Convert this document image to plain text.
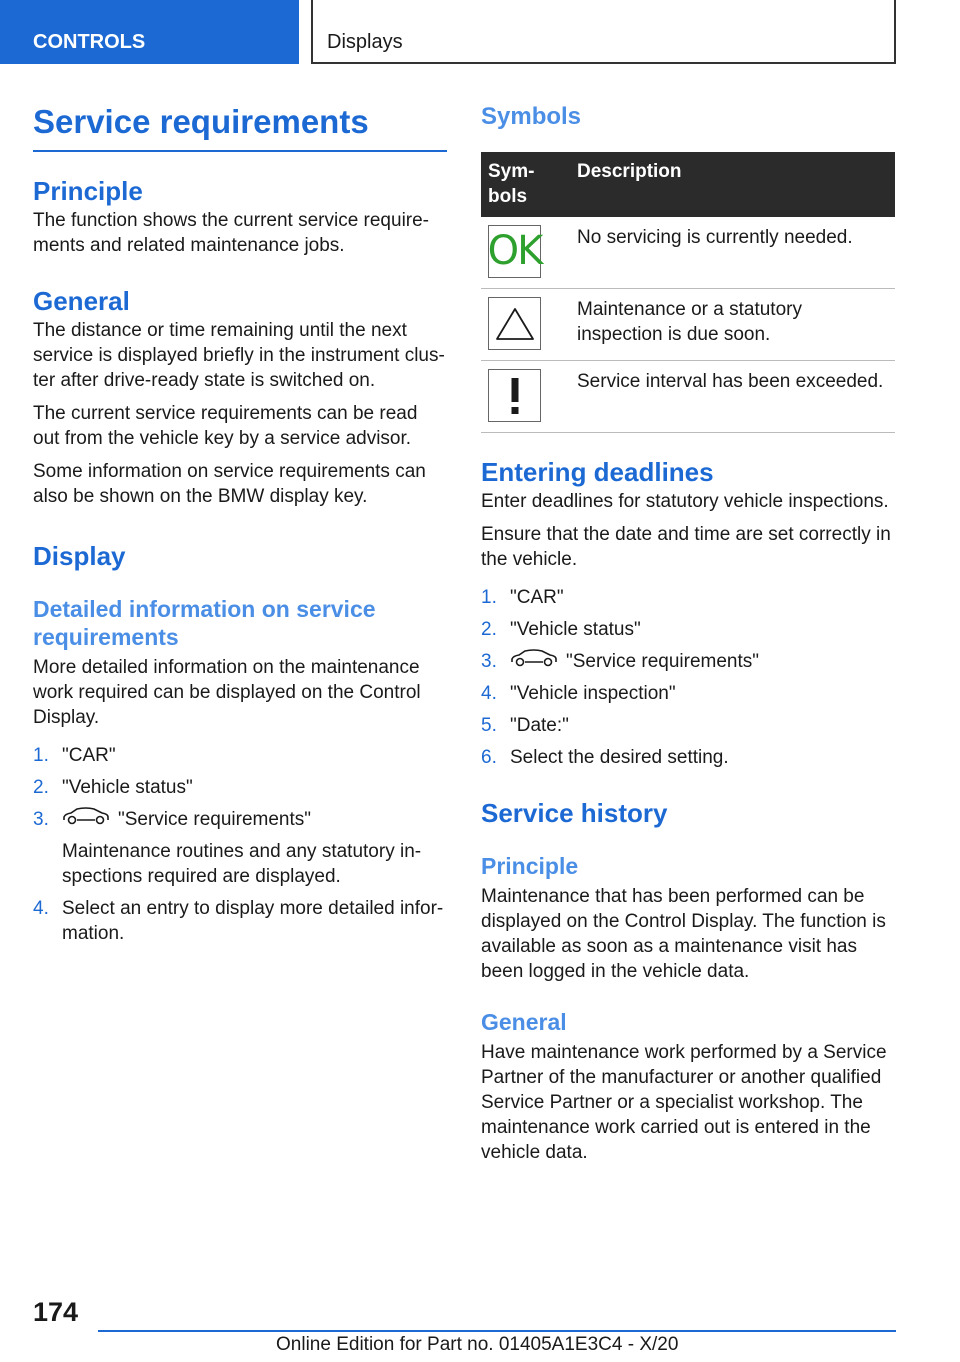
CONTROLS	Displays
Service requirements
Principle

The function shows the current service require-ments and related maintenance jobs.

General

The distance or time remaining until the next service is displayed briefly in the instrument clus-ter after drive-ready state is switched on.

The current service requirements can be read out from the vehicle key by a service advisor.

Some information on service requirements can also be shown on the BMW display key.

Display
Detailed information on service requirements

More detailed information on the maintenance work required can be displayed on the Control Display.

1. "CAR"
2. "Vehicle status"
3.	"Service requirements"

Maintenance routines and any statutory in-spections required are displayed.

4. Select an entry to display more detailed infor-mation.
Symbols
Sym-bols	Description

OK	No servicing is currently needed.

	Maintenance or a statutory inspection is due soon.

	Service interval has been exceeded.
Entering deadlines

Enter deadlines for statutory vehicle inspections.

Ensure that the date and time are set correctly in the vehicle.

1. "CAR"
2. "Vehicle status"
3.	"Service requirements"
4. "Vehicle inspection"
5. "Date:"
6. Select the desired setting.
Service history
Principle

Maintenance that has been performed can be displayed on the Control Display. The function is available as soon as a maintenance visit has been logged in the vehicle data.

General

Have maintenance work performed by a Service Partner of the manufacturer or another qualified Service Partner or a specialist workshop. The maintenance work carried out is entered in the vehicle data.

174
Online Edition for Part no. 01405A1E3C4 - X/20
